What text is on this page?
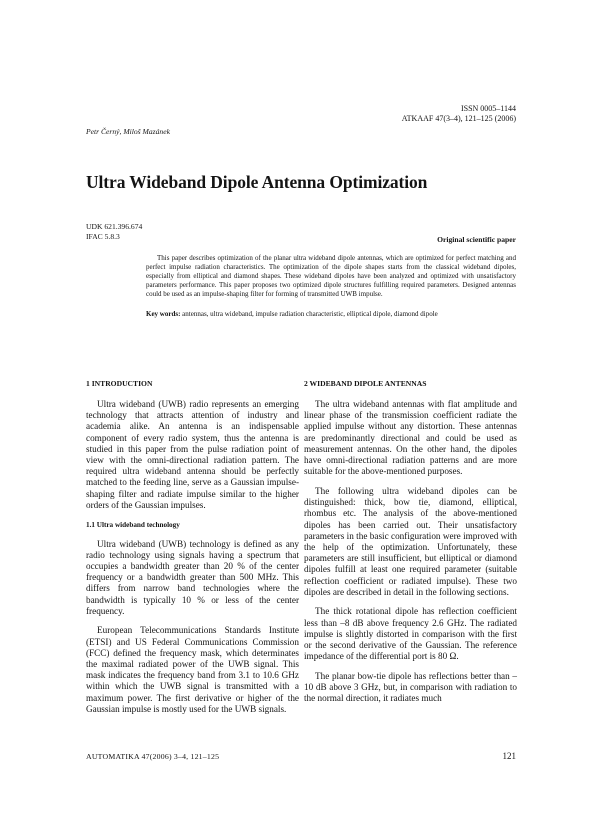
ISSN 0005–1144
ATKAAF 47(3–4), 121–125 (2006)
Petr Černý, Miloš Mazánek
Ultra Wideband Dipole Antenna Optimization
UDK 621.396.674
IFAC 5.8.3	Original scientific paper

This paper describes optimization of the planar ultra wideband dipole antennas, which are optimized for perfect matching and perfect impulse radiation characteristics. The optimization of the dipole shapes starts from the classical wideband dipoles, especially from elliptical and diamond shapes. These wideband dipoles have been analyzed and optimized with unsatisfactory parameters performance. This paper proposes two optimized dipole structures fulfilling required parameters. Designed antennas could be used as an impulse-shaping filter for forming of transmitted UWB impulse.

Key words: antennas, ultra wideband, impulse radiation characteristic, elliptical dipole, diamond dipole

1 INTRODUCTION

Ultra wideband (UWB) radio represents an emerging technology that attracts attention of industry and academia alike. An antenna is an indispensable component of every radio system, thus the antenna is studied in this paper from the pulse radiation point of view with the omni-directional radiation pattern. The required ultra wideband antenna should be perfectly matched to the feeding line, serve as a Gaussian impulse-shaping filter and radiate impulse similar to the higher orders of the Gaussian impulses.

1.1 Ultra wideband technology

Ultra wideband (UWB) technology is defined as any radio technology using signals having a spectrum that occupies a bandwidth greater than 20 % of the center frequency or a bandwidth greater than 500 MHz. This differs from narrow band technologies where the bandwidth is typically 10 % or less of the center frequency.

European Telecommunications Standards Institute (ETSI) and US Federal Communications Commission (FCC) defined the frequency mask, which determinates the maximal radiated power of the UWB signal. This mask indicates the frequency band from 3.1 to 10.6 GHz within which the UWB signal is transmitted with a maximum power. The first derivative or higher of the Gaussian impulse is mostly used for the UWB signals.

2 WIDEBAND DIPOLE ANTENNAS

The ultra wideband antennas with flat amplitude and linear phase of the transmission coefficient radiate the applied impulse without any distortion. These antennas are predominantly directional and could be used as measurement antennas. On the other hand, the dipoles have omni-directional radiation patterns and are more suitable for the above-mentioned purposes.

The following ultra wideband dipoles can be distinguished: thick, bow tie, diamond, elliptical, rhombus etc. The analysis of the above-mentioned dipoles has been carried out. Their unsatisfactory parameters in the basic configuration were improved with the help of the optimization. Unfortunately, these parameters are still insufficient, but elliptical or diamond dipoles fulfill at least one required parameter (suitable reflection coefficient or radiated impulse). These two dipoles are described in detail in the following sections.

The thick rotational dipole has reflection coefficient less than –8 dB above frequency 2.6 GHz. The radiated impulse is slightly distorted in comparison with the first or the second derivative of the Gaussian. The reference impedance of the differential port is 80 Ω.

The planar bow-tie dipole has reflections better than –10 dB above 3 GHz, but, in comparison with radiation to the normal direction, it radiates much

AUTOMATIKA 47(2006) 3–4, 121–125	121
